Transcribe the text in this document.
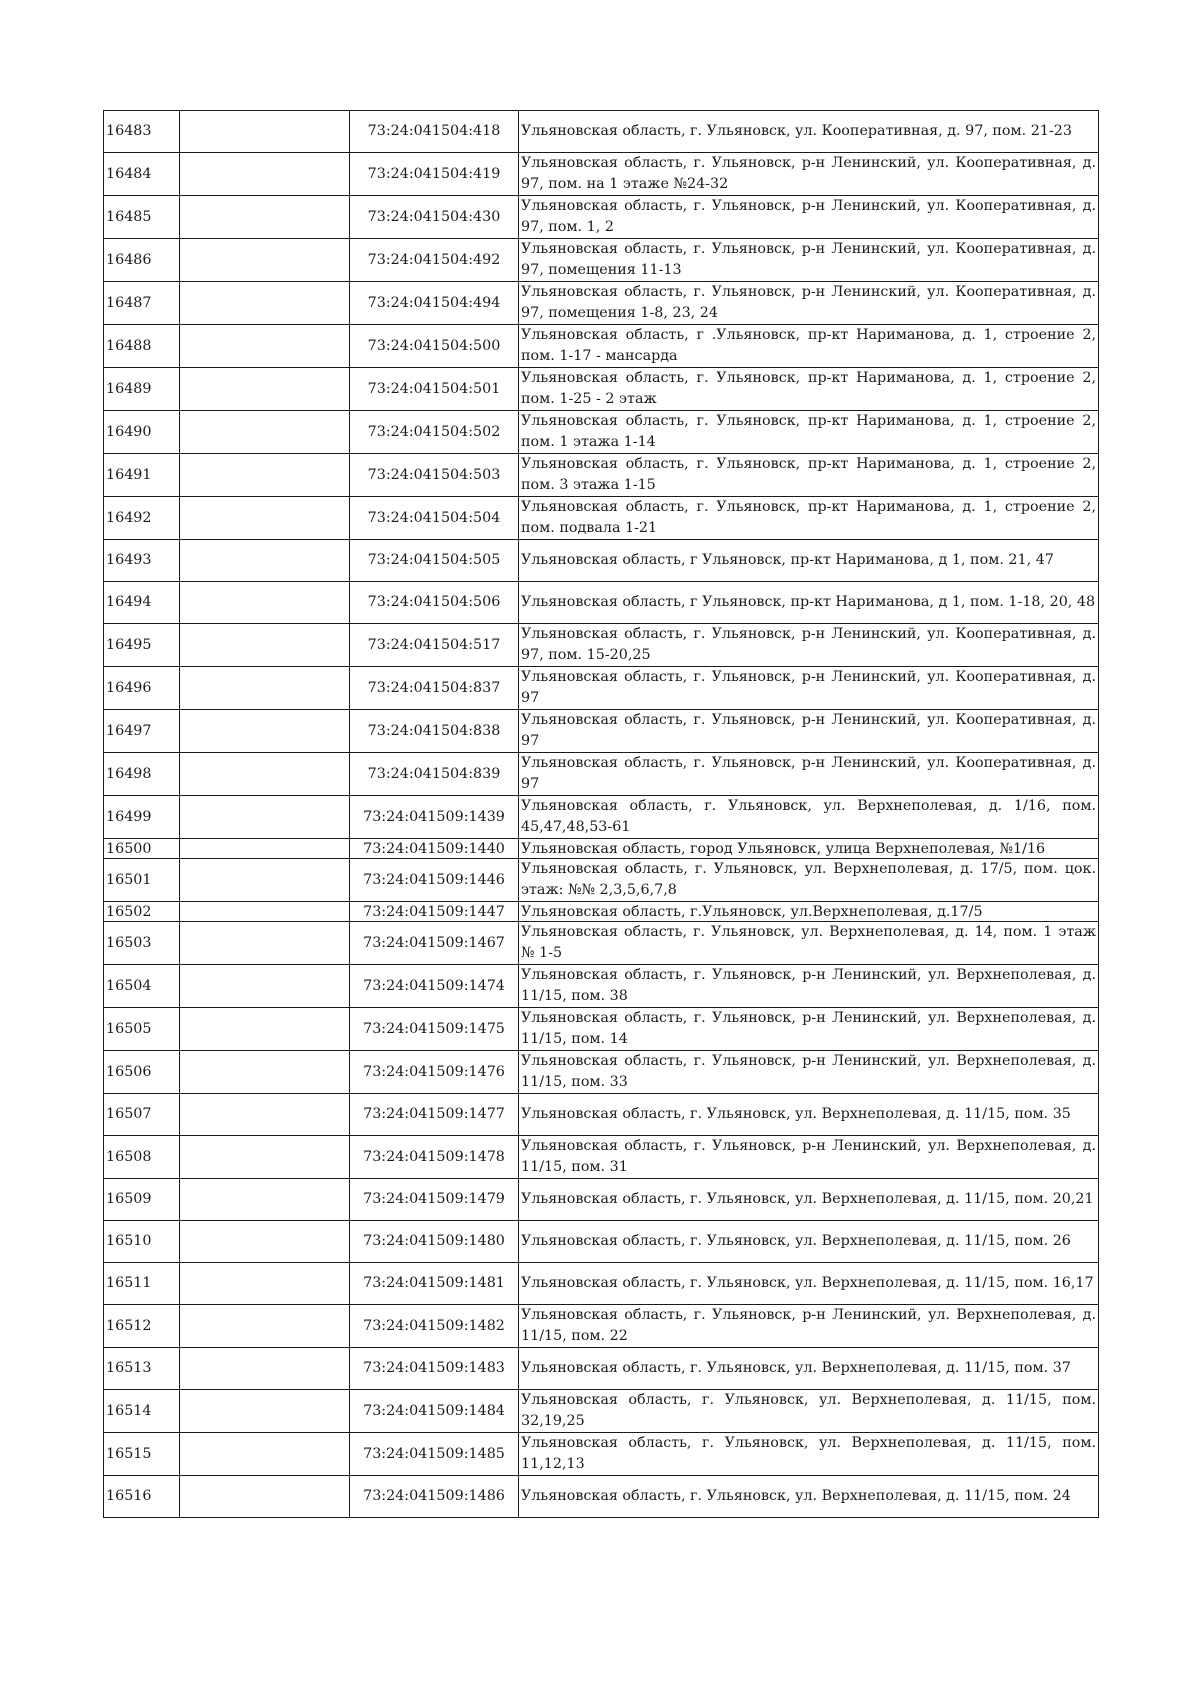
16483		73:24:041504:418	Ульяновская область, г. Ульяновск, ул. Кооперативная, д. 97, пом. 21-23
16484		73:24:041504:419	Ульяновская область, г. Ульяновск, р-н Ленинский, ул. Кооперативная, д. 97, пом. на 1 этаже №24-32
16485		73:24:041504:430	Ульяновская область, г. Ульяновск, р-н Ленинский, ул. Кооперативная, д. 97, пом. 1, 2
16486		73:24:041504:492	Ульяновская область, г. Ульяновск, р-н Ленинский, ул. Кооперативная, д. 97, помещения 11-13
16487		73:24:041504:494	Ульяновская область, г. Ульяновск, р-н Ленинский, ул. Кооперативная, д. 97, помещения 1-8, 23, 24
16488		73:24:041504:500	Ульяновская область, г .Ульяновск, пр-кт Нариманова, д. 1, строение 2, пом. 1-17 - мансарда
16489		73:24:041504:501	Ульяновская область, г. Ульяновск, пр-кт Нариманова, д. 1, строение 2, пом. 1-25 - 2 этаж
16490		73:24:041504:502	Ульяновская область, г. Ульяновск, пр-кт Нариманова, д. 1, строение 2, пом. 1 этажа 1-14
16491		73:24:041504:503	Ульяновская область, г. Ульяновск, пр-кт Нариманова, д. 1, строение 2, пом. 3 этажа 1-15
16492		73:24:041504:504	Ульяновская область, г. Ульяновск, пр-кт Нариманова, д. 1, строение 2, пом. подвала 1-21
16493		73:24:041504:505	Ульяновская область, г Ульяновск, пр-кт Нариманова, д 1, пом. 21, 47
16494		73:24:041504:506	Ульяновская область, г Ульяновск, пр-кт Нариманова, д 1, пом. 1-18, 20, 48
16495		73:24:041504:517	Ульяновская область, г. Ульяновск, р-н Ленинский, ул. Кооперативная, д. 97, пом. 15-20,25
16496		73:24:041504:837	Ульяновская область, г. Ульяновск, р-н Ленинский, ул. Кооперативная, д. 97
16497		73:24:041504:838	Ульяновская область, г. Ульяновск, р-н Ленинский, ул. Кооперативная, д. 97
16498		73:24:041504:839	Ульяновская область, г. Ульяновск, р-н Ленинский, ул. Кооперативная, д. 97
16499		73:24:041509:1439	Ульяновская область, г. Ульяновск, ул. Верхнеполевая, д. 1/16, пом. 45,47,48,53-61
16500		73:24:041509:1440	Ульяновская область, город Ульяновск, улица Верхнеполевая, №1/16
16501		73:24:041509:1446	Ульяновская область, г. Ульяновск, ул. Верхнеполевая, д. 17/5, пом. цок. этаж: №№ 2,3,5,6,7,8
16502		73:24:041509:1447	Ульяновская область, г.Ульяновск, ул.Верхнеполевая, д.17/5
16503		73:24:041509:1467	Ульяновская область, г. Ульяновск, ул. Верхнеполевая, д. 14, пом. 1 этаж № 1-5
16504		73:24:041509:1474	Ульяновская область, г. Ульяновск, р-н Ленинский, ул. Верхнеполевая, д. 11/15, пом. 38
16505		73:24:041509:1475	Ульяновская область, г. Ульяновск, р-н Ленинский, ул. Верхнеполевая, д. 11/15, пом. 14
16506		73:24:041509:1476	Ульяновская область, г. Ульяновск, р-н Ленинский, ул. Верхнеполевая, д. 11/15, пом. 33
16507		73:24:041509:1477	Ульяновская область, г. Ульяновск, ул. Верхнеполевая, д. 11/15, пом. 35
16508		73:24:041509:1478	Ульяновская область, г. Ульяновск, р-н Ленинский, ул. Верхнеполевая, д. 11/15, пом. 31
16509		73:24:041509:1479	Ульяновская область, г. Ульяновск, ул. Верхнеполевая, д. 11/15, пом. 20,21
16510		73:24:041509:1480	Ульяновская область, г. Ульяновск, ул. Верхнеполевая, д. 11/15, пом. 26
16511		73:24:041509:1481	Ульяновская область, г. Ульяновск, ул. Верхнеполевая, д. 11/15, пом. 16,17
16512		73:24:041509:1482	Ульяновская область, г. Ульяновск, р-н Ленинский, ул. Верхнеполевая, д. 11/15, пом. 22
16513		73:24:041509:1483	Ульяновская область, г. Ульяновск, ул. Верхнеполевая, д. 11/15, пом. 37
16514		73:24:041509:1484	Ульяновская область, г. Ульяновск, ул. Верхнеполевая, д. 11/15, пом. 32,19,25
16515		73:24:041509:1485	Ульяновская область, г. Ульяновск, ул. Верхнеполевая, д. 11/15, пом. 11,12,13
16516		73:24:041509:1486	Ульяновская область, г. Ульяновск, ул. Верхнеполевая, д. 11/15, пом. 24
